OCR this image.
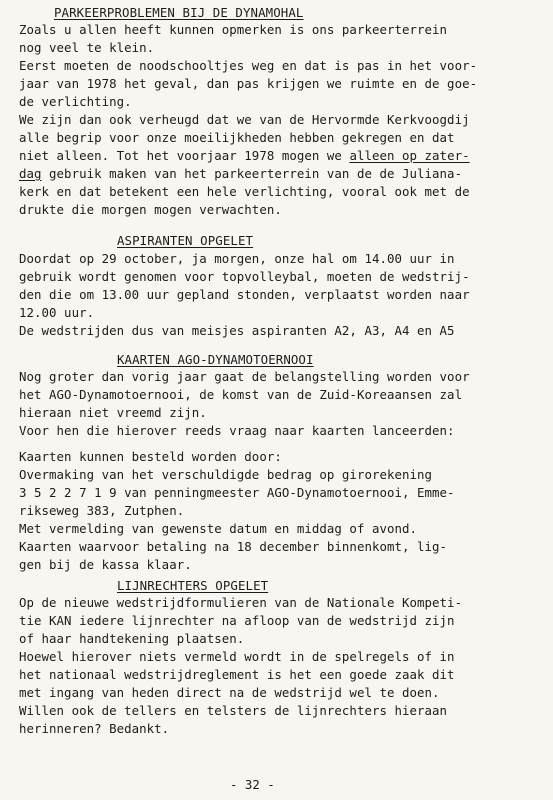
PARKEERPROBLEMEN BIJ DE DYNAMOHAL
Zoals u allen heeft kunnen opmerken is ons parkeerterrein
nog veel te klein.
Eerst moeten de noodschooltjes weg en dat is pas in het voor-
jaar van 1978 het geval, dan pas krijgen we ruimte en de goe-
de verlichting.
We zijn dan ook verheugd dat we van de Hervormde Kerkvoogdij
alle begrip voor onze moeilijkheden hebben gekregen en dat
niet alleen. Tot het voorjaar 1978 mogen we alleen op zater-
dag gebruik maken van het parkeerterrein van de de Juliana-
kerk en dat betekent een hele verlichting, vooral ook met de
drukte die morgen mogen verwachten.
ASPIRANTEN OPGELET
Doordat op 29 october, ja morgen, onze hal om 14.00 uur in
gebruik wordt genomen voor topvolleybal, moeten de wedstrij-
den die om 13.00 uur gepland stonden, verplaatst worden naar
12.00 uur.
De wedstrijden dus van meisjes aspiranten A2, A3, A4 en A5
KAARTEN AGO-DYNAMOTOERNOOI
Nog groter dan vorig jaar gaat de belangstelling worden voor
het AGO-Dynamotoernooi, de komst van de Zuid-Koreaansen zal
hieraan niet vreemd zijn.
Voor hen die hierover reeds vraag naar kaarten lanceerden:
Kaarten kunnen besteld worden door:
Overmaking van het verschuldigde bedrag op girorekening
3 5 2 2 7 1 9 van penningmeester AGO-Dynamotoernooi, Emme-
rikseweg 383, Zutphen.
Met vermelding van gewenste datum en middag of avond.
Kaarten waarvoor betaling na 18 december binnenkomt, lig-
gen bij de kassa klaar.
LIJNRECHTERS OPGELET
Op de nieuwe wedstrijdformulieren van de Nationale Kompeti-
tie KAN iedere lijnrechter na afloop van de wedstrijd zijn
of haar handtekening plaatsen.
Hoewel hierover niets vermeld wordt in de spelregels of in
het nationaal wedstrijdreglement is het een goede zaak dit
met ingang van heden direct na de wedstrijd wel te doen.
Willen ook de tellers en telsters de lijnrechters hieraan
herinneren? Bedankt.
- 32 -
